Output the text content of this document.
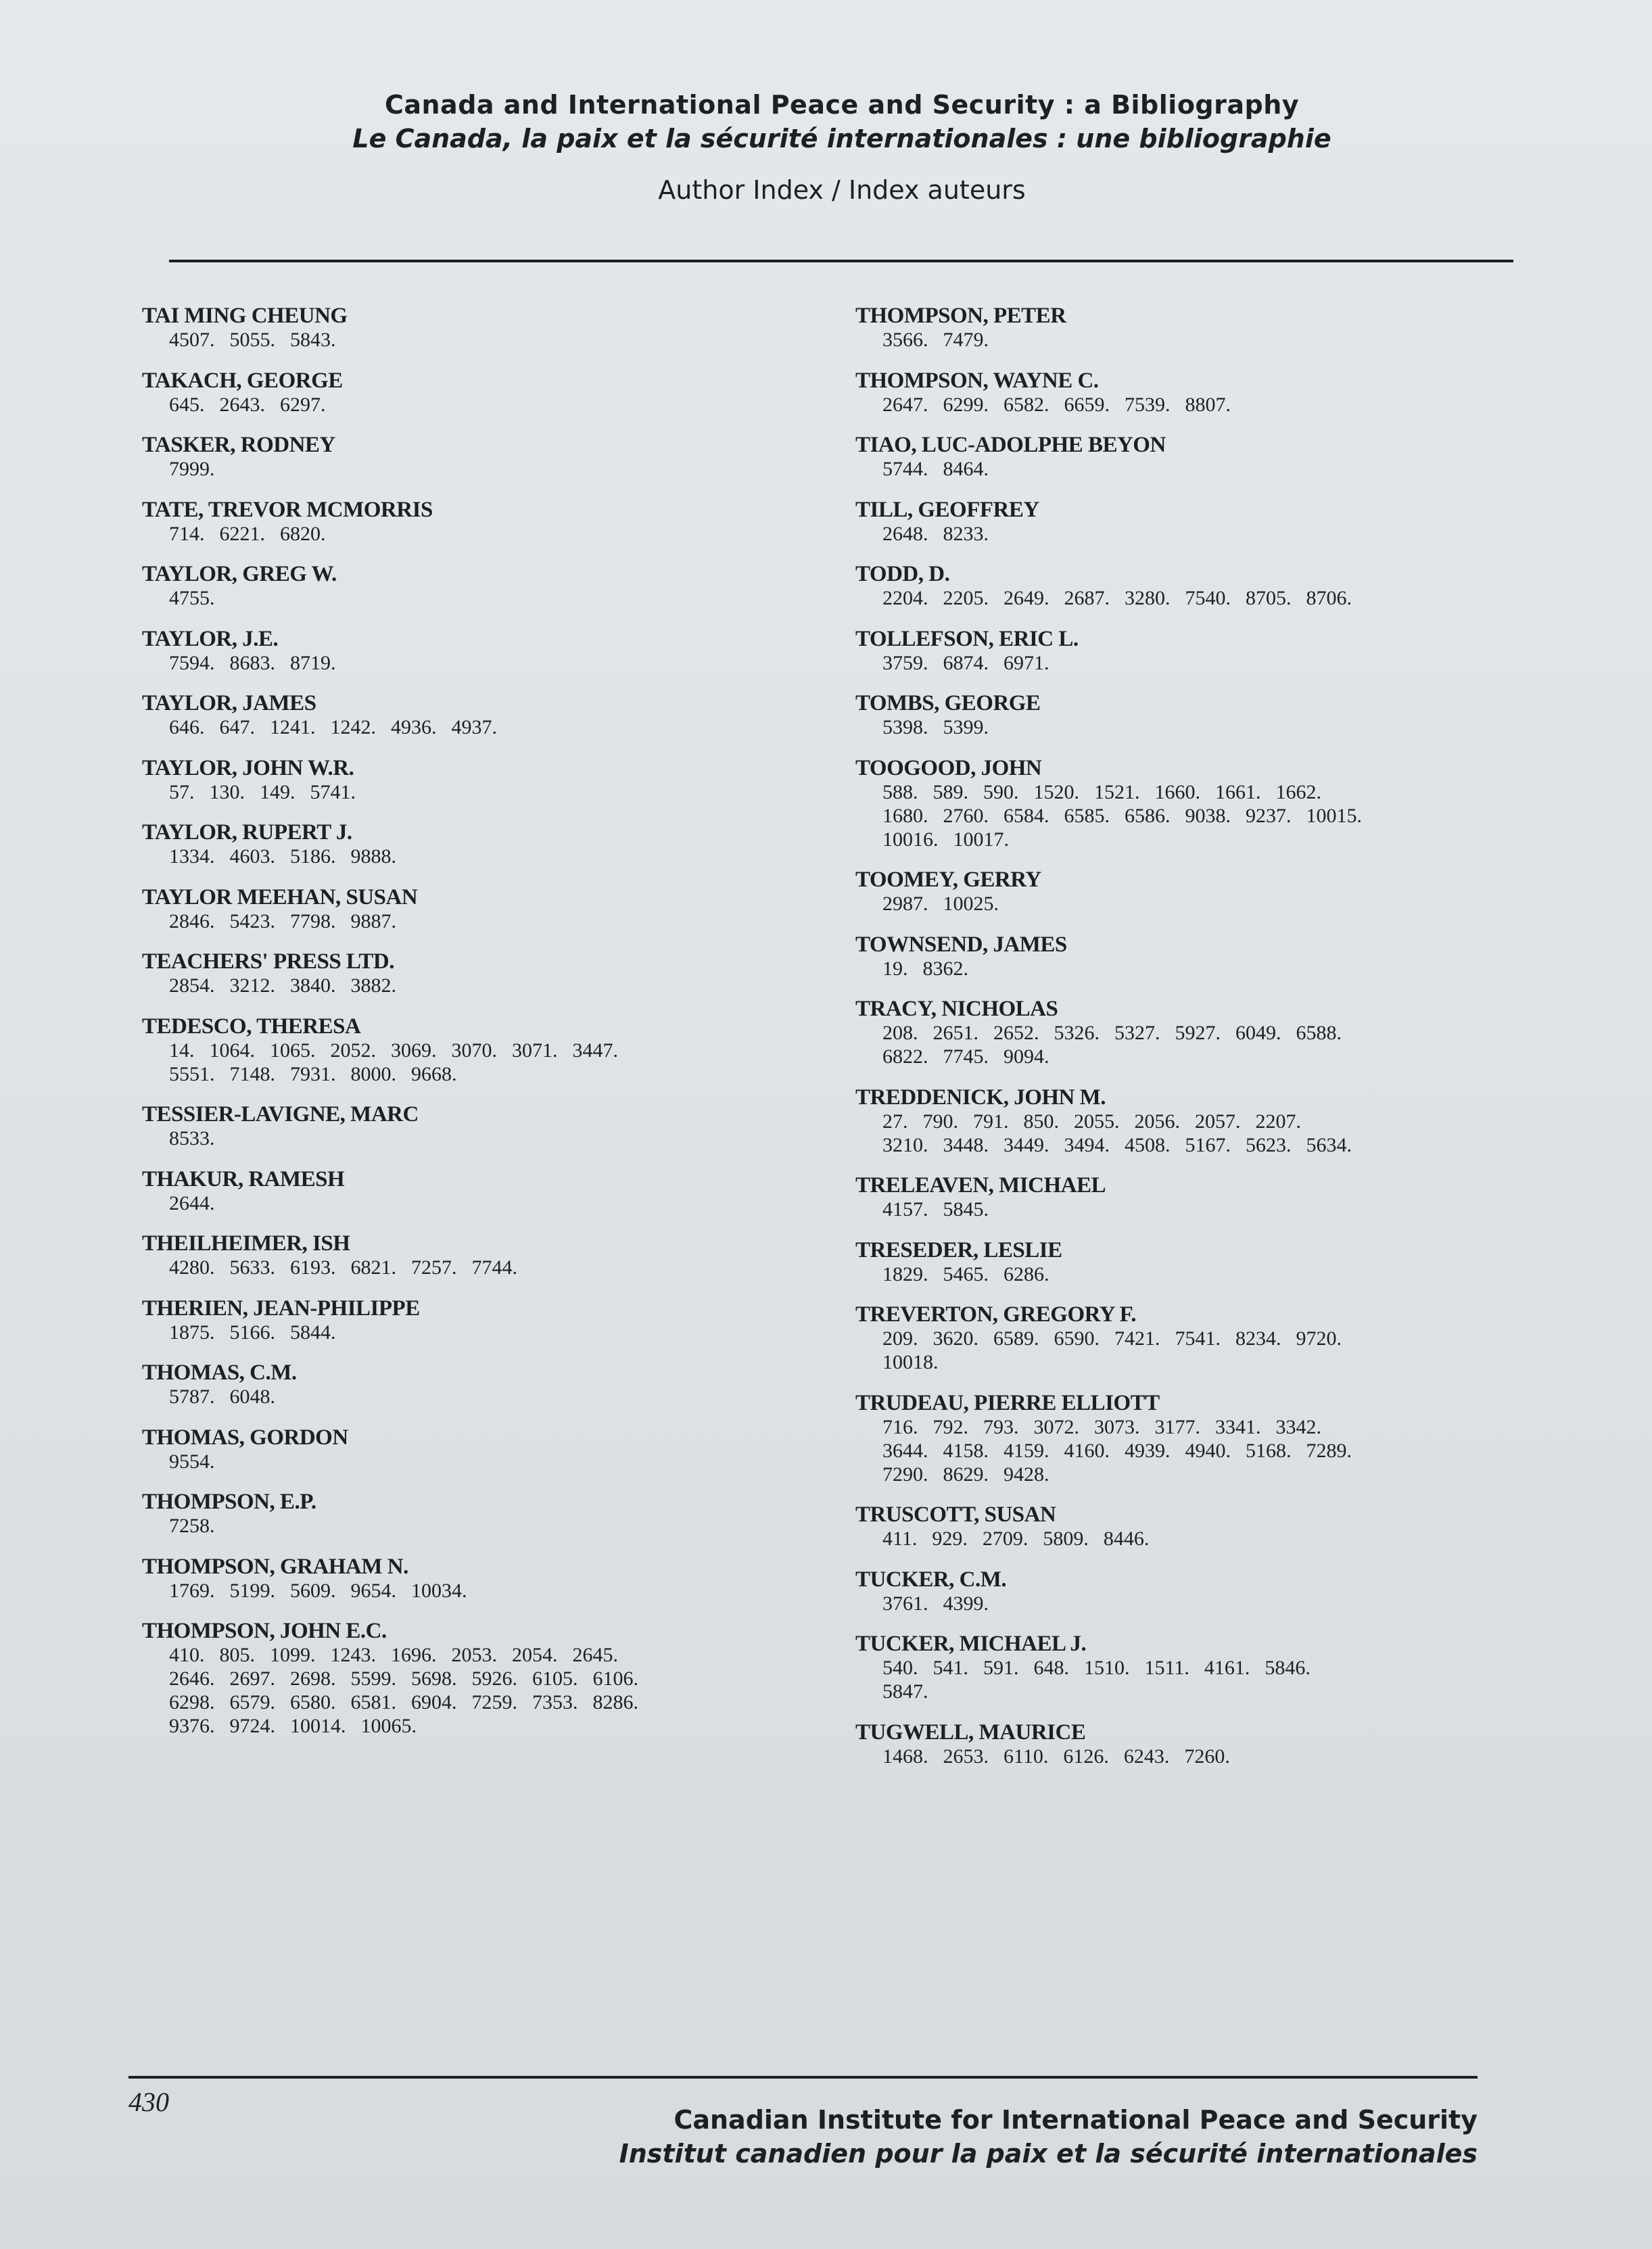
Canada and International Peace and Security : a Bibliography
Le Canada, la paix et la sécurité internationales : une bibliographie
Author Index / Index auteurs
TAI MING CHEUNG
4507. 5055. 5843.
TAKACH, GEORGE
645. 2643. 6297.
TASKER, RODNEY
7999.
TATE, TREVOR MCMORRIS
714. 6221. 6820.
TAYLOR, GREG W.
4755.
TAYLOR, J.E.
7594. 8683. 8719.
TAYLOR, JAMES
646. 647. 1241. 1242. 4936. 4937.
TAYLOR, JOHN W.R.
57. 130. 149. 5741.
TAYLOR, RUPERT J.
1334. 4603. 5186. 9888.
TAYLOR MEEHAN, SUSAN
2846. 5423. 7798. 9887.
TEACHERS' PRESS LTD.
2854. 3212. 3840. 3882.
TEDESCO, THERESA
14. 1064. 1065. 2052. 3069. 3070. 3071. 3447.
5551. 7148. 7931. 8000. 9668.
TESSIER-LAVIGNE, MARC
8533.
THAKUR, RAMESH
2644.
THEILHEIMER, ISH
4280. 5633. 6193. 6821. 7257. 7744.
THERIEN, JEAN-PHILIPPE
1875. 5166. 5844.
THOMAS, C.M.
5787. 6048.
THOMAS, GORDON
9554.
THOMPSON, E.P.
7258.
THOMPSON, GRAHAM N.
1769. 5199. 5609. 9654. 10034.
THOMPSON, JOHN E.C.
410. 805. 1099. 1243. 1696. 2053. 2054. 2645.
2646. 2697. 2698. 5599. 5698. 5926. 6105. 6106.
6298. 6579. 6580. 6581. 6904. 7259. 7353. 8286.
9376. 9724. 10014. 10065.
THOMPSON, PETER
3566. 7479.
THOMPSON, WAYNE C.
2647. 6299. 6582. 6659. 7539. 8807.
TIAO, LUC-ADOLPHE BEYON
5744. 8464.
TILL, GEOFFREY
2648. 8233.
TODD, D.
2204. 2205. 2649. 2687. 3280. 7540. 8705. 8706.
TOLLEFSON, ERIC L.
3759. 6874. 6971.
TOMBS, GEORGE
5398. 5399.
TOOGOOD, JOHN
588. 589. 590. 1520. 1521. 1660. 1661. 1662.
1680. 2760. 6584. 6585. 6586. 9038. 9237. 10015.
10016. 10017.
TOOMEY, GERRY
2987. 10025.
TOWNSEND, JAMES
19. 8362.
TRACY, NICHOLAS
208. 2651. 2652. 5326. 5327. 5927. 6049. 6588.
6822. 7745. 9094.
TREDDENICK, JOHN M.
27. 790. 791. 850. 2055. 2056. 2057. 2207.
3210. 3448. 3449. 3494. 4508. 5167. 5623. 5634.
TRELEAVEN, MICHAEL
4157. 5845.
TRESEDER, LESLIE
1829. 5465. 6286.
TREVERTON, GREGORY F.
209. 3620. 6589. 6590. 7421. 7541. 8234. 9720.
10018.
TRUDEAU, PIERRE ELLIOTT
716. 792. 793. 3072. 3073. 3177. 3341. 3342.
3644. 4158. 4159. 4160. 4939. 4940. 5168. 7289.
7290. 8629. 9428.
TRUSCOTT, SUSAN
411. 929. 2709. 5809. 8446.
TUCKER, C.M.
3761. 4399.
TUCKER, MICHAEL J.
540. 541. 591. 648. 1510. 1511. 4161. 5846.
5847.
TUGWELL, MAURICE
1468. 2653. 6110. 6126. 6243. 7260.
430
Canadian Institute for International Peace and Security
Institut canadien pour la paix et la sécurité internationales
